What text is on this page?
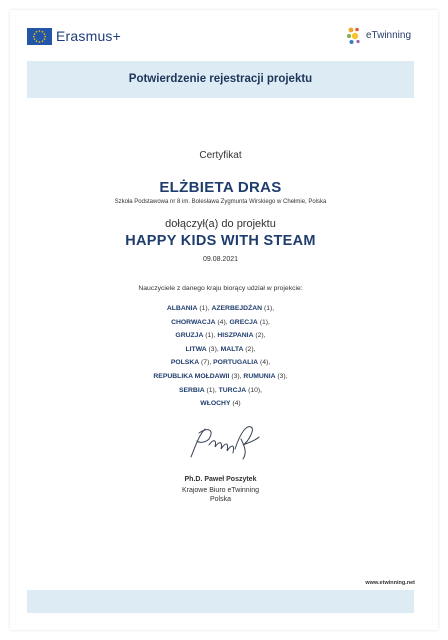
Erasmus+	eTwinning
Potwierdzenie rejestracji projektu
Certyfikat
ELŻBIETA DRAS
Szkoła Podstawowa nr 8 im. Bolesława Zygmunta Wirskiego w Chełmie, Polska
dołączył(a) do projektu
HAPPY KIDS WITH STEAM
09.08.2021
Nauczyciele z danego kraju biorący udział w projekcie:
ALBANIA (1), AZERBEJDŻAN (1),
CHORWACJA (4), GRECJA (1),
GRUZJA (1), HISZPANIA (2),
LITWA (3), MALTA (2),
POLSKA (7), PORTUGALIA (4),
REPUBLIKA MOŁDAWII (3), RUMUNIA (3),
SERBIA (1), TURCJA (10),
WŁOCHY (4)
Ph.D. Paweł Poszytek
Krajowe Biuro eTwinning
Polska
www.etwinning.net
